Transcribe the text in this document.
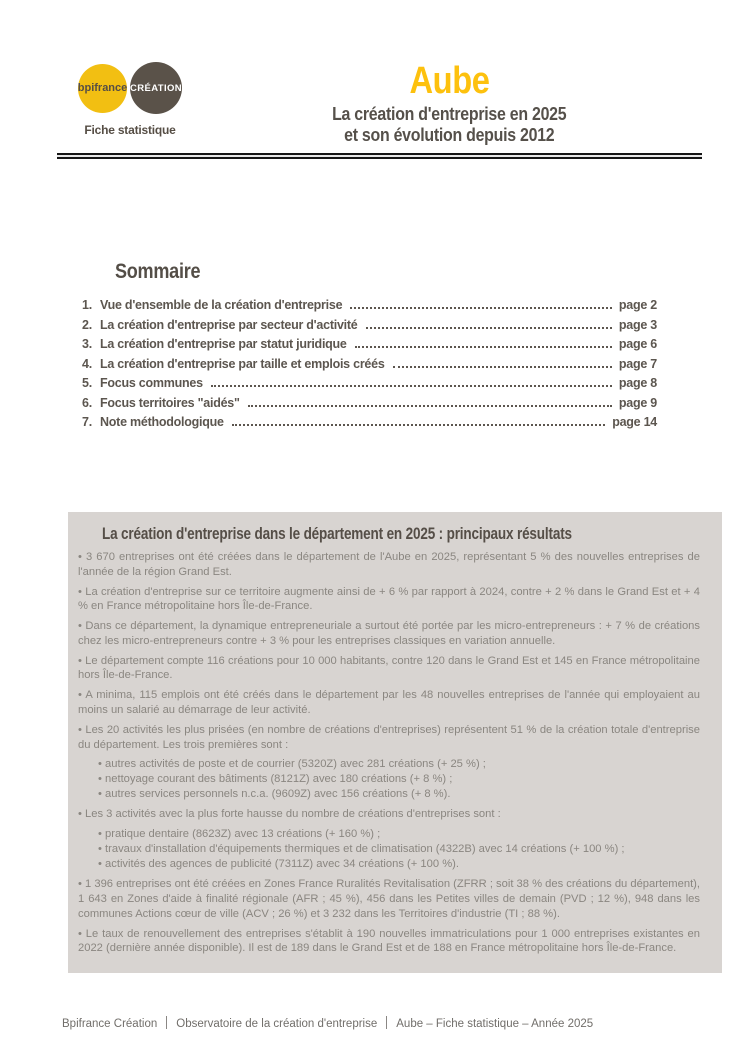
bpifrance CRÉATION
Fiche statistique
Aube
La création d'entreprise en 2025
et son évolution depuis 2012
Sommaire
1. Vue d'ensemble de la création d'entreprise	page 2
2. La création d'entreprise par secteur d'activité	page 3
3. La création d'entreprise par statut juridique	page 6
4. La création d'entreprise par taille et emplois créés	page 7
5. Focus communes	page 8
6. Focus territoires "aidés"	page 9
7. Note méthodologique	page 14
La création d'entreprise dans le département en 2025 : principaux résultats

• 3 670 entreprises ont été créées dans le département de l'Aube en 2025, représentant 5 % des nouvelles entreprises de l'année de la région Grand Est.

• La création d'entreprise sur ce territoire augmente ainsi de + 6 % par rapport à 2024, contre + 2 % dans le Grand Est et + 4 % en France métropolitaine hors Île-de-France.

• Dans ce département, la dynamique entrepreneuriale a surtout été portée par les micro-entrepreneurs : + 7 % de créations chez les micro-entrepreneurs contre + 3 % pour les entreprises classiques en variation annuelle.

• Le département compte 116 créations pour 10 000 habitants, contre 120 dans le Grand Est et 145 en France métropolitaine hors Île-de-France.

• A minima, 115 emplois ont été créés dans le département par les 48 nouvelles entreprises de l'année qui employaient au moins un salarié au démarrage de leur activité.

• Les 20 activités les plus prisées (en nombre de créations d'entreprises) représentent 51 % de la création totale d'entreprise du département. Les trois premières sont :

• autres activités de poste et de courrier (5320Z) avec 281 créations (+ 25 %) ;
• nettoyage courant des bâtiments (8121Z) avec 180 créations (+ 8 %) ;
• autres services personnels n.c.a. (9609Z) avec 156 créations (+ 8 %).

• Les 3 activités avec la plus forte hausse du nombre de créations d'entreprises sont :

• pratique dentaire (8623Z) avec 13 créations (+ 160 %) ;
• travaux d'installation d'équipements thermiques et de climatisation (4322B) avec 14 créations (+ 100 %) ;
• activités des agences de publicité (7311Z) avec 34 créations (+ 100 %).

• 1 396 entreprises ont été créées en Zones France Ruralités Revitalisation (ZFRR ; soit 38 % des créations du département), 1 643 en Zones d'aide à finalité régionale (AFR ; 45 %), 456 dans les Petites villes de demain (PVD ; 12 %), 948 dans les communes Actions cœur de ville (ACV ; 26 %) et 3 232 dans les Territoires d'industrie (TI ; 88 %).

• Le taux de renouvellement des entreprises s'établit à 190 nouvelles immatriculations pour 1 000 entreprises existantes en 2022 (dernière année disponible). Il est de 189 dans le Grand Est et de 188 en France métropolitaine hors Île-de-France.

Bpifrance Création Observatoire de la création d'entreprise Aube – Fiche statistique – Année 2025
